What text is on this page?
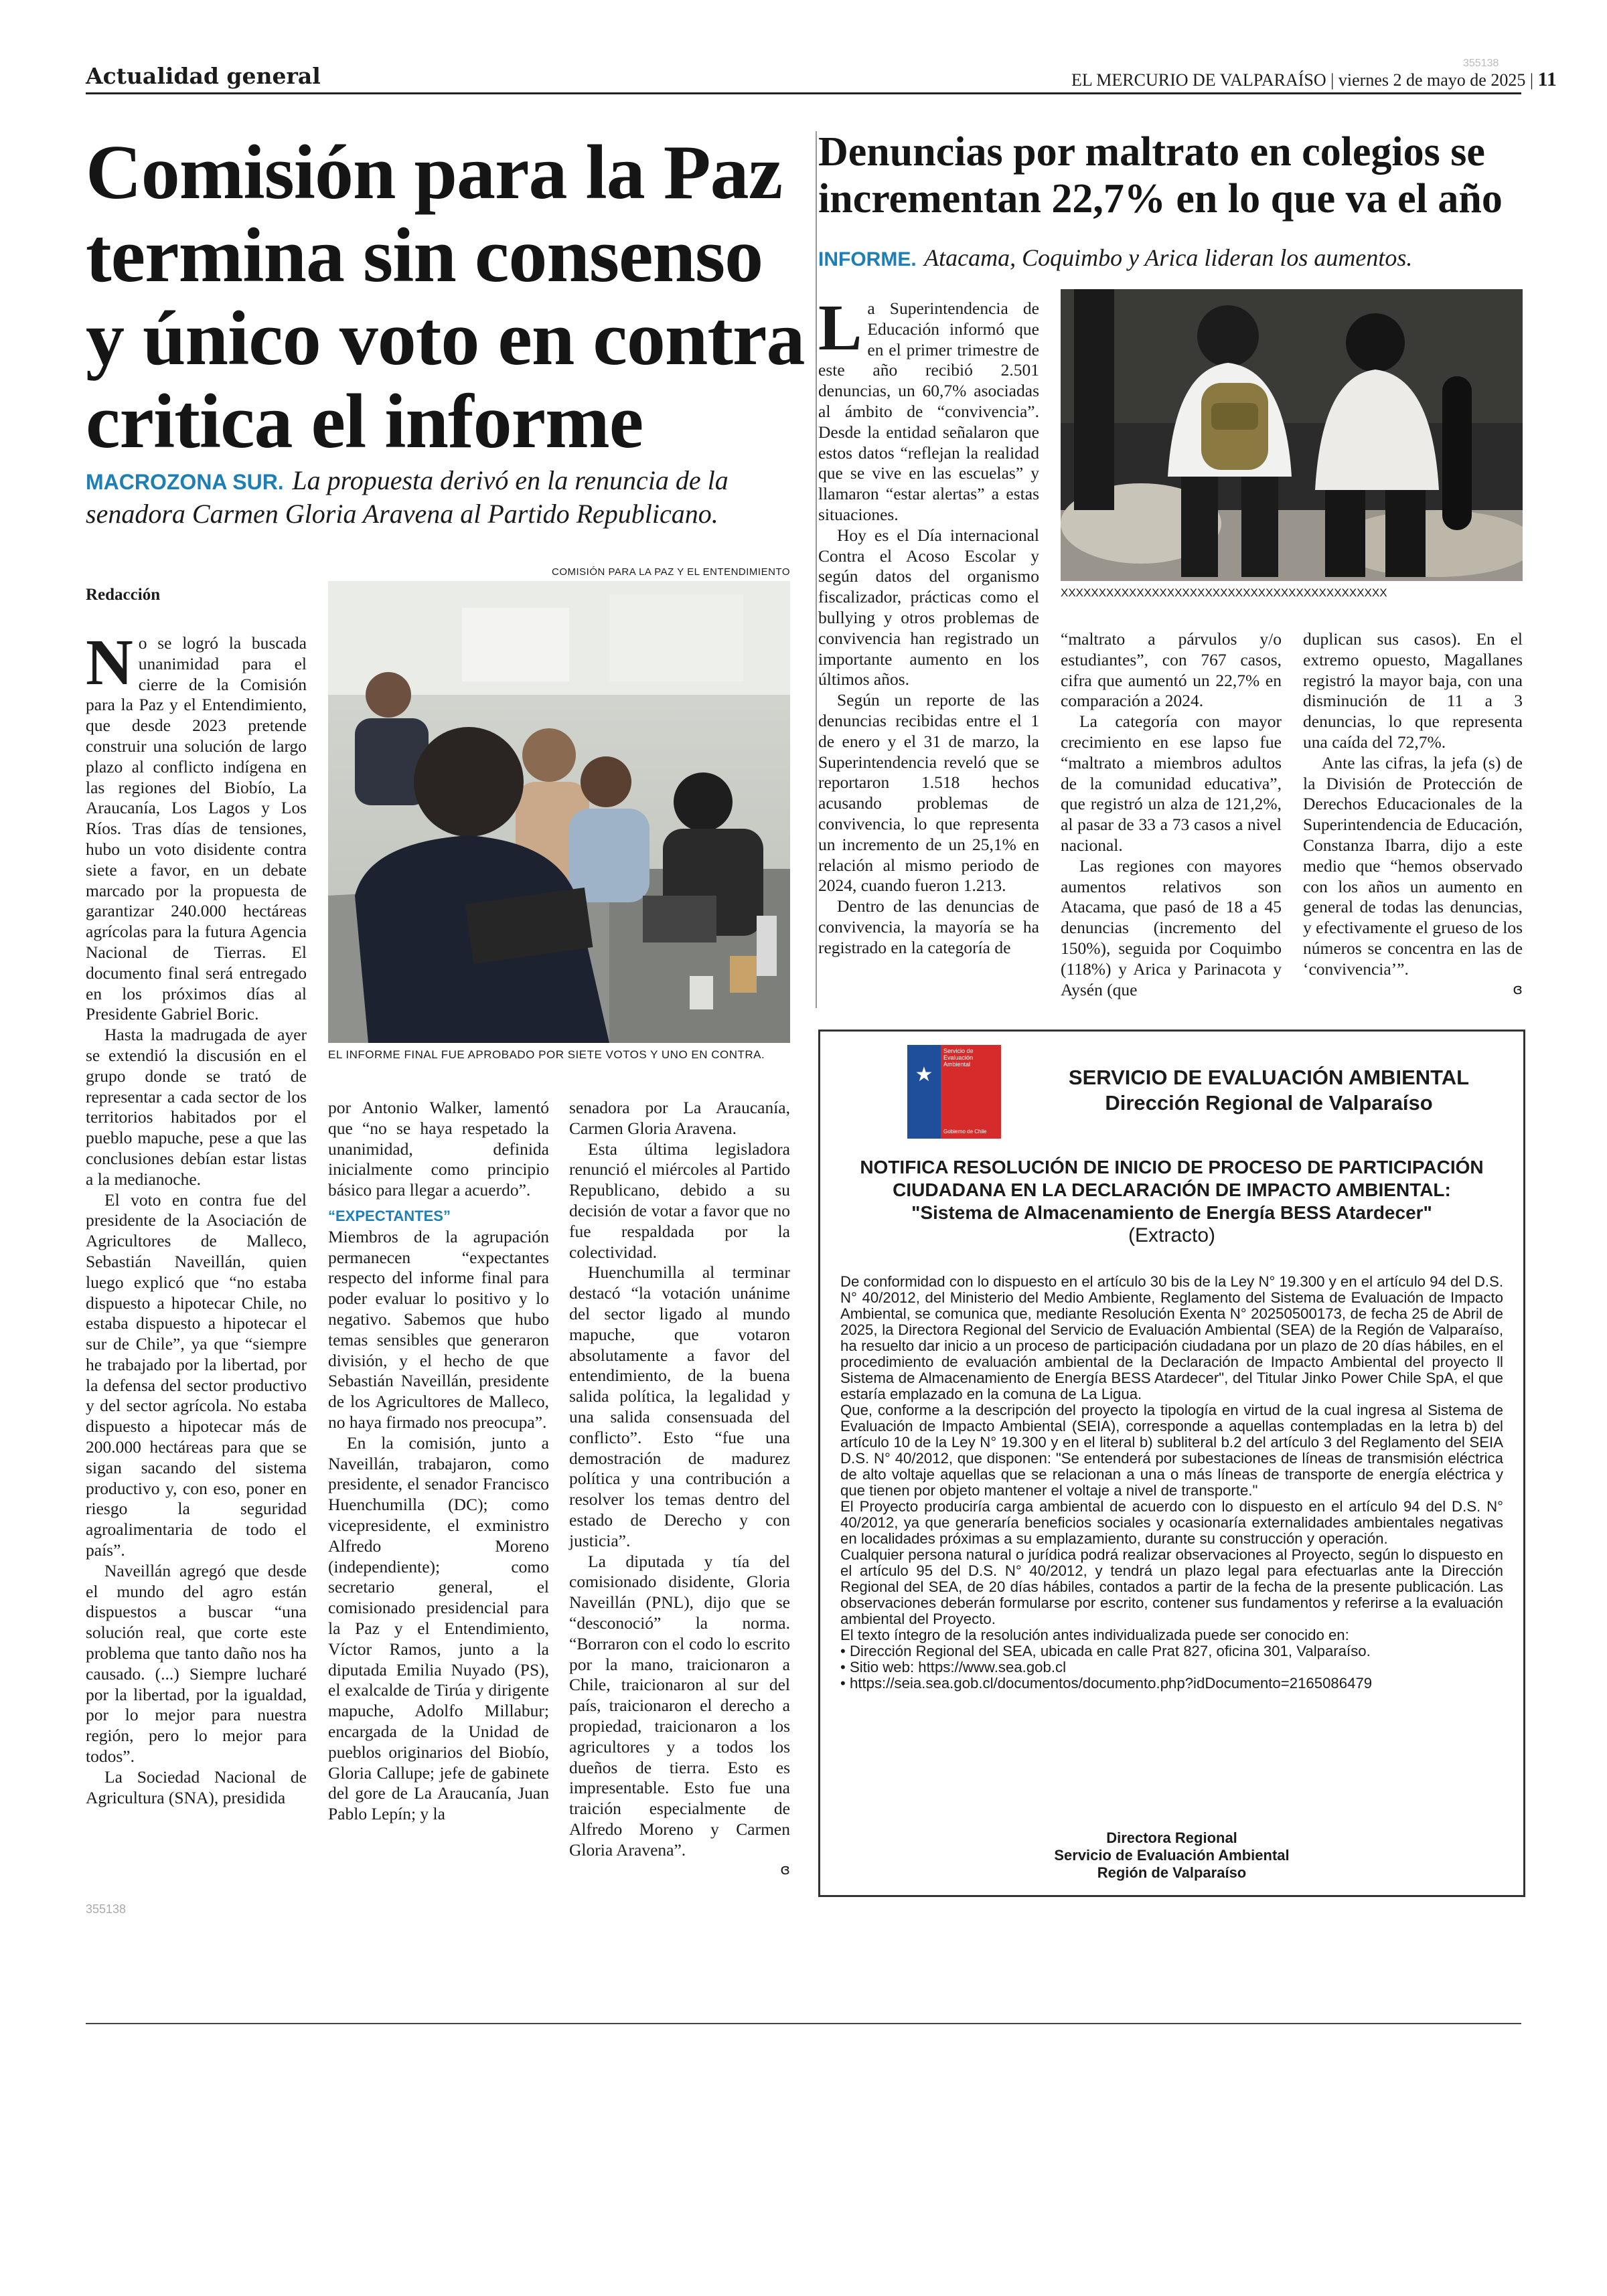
Actualidad general	EL MERCURIO DE VALPARAÍSO | viernes 2 de mayo de 2025 | 11
355138
Comisión para la Paz
termina sin consenso
y único voto en contra
critica el informe
MACROZONA SUR. La propuesta derivó en la renuncia de la
senadora Carmen Gloria Aravena al Partido Republicano.
Redacción
COMISIÓN PARA LA PAZ Y EL ENTENDIMIENTO
EL INFORME FINAL FUE APROBADO POR SIETE VOTOS Y UNO EN CONTRA.
N o se logró la buscada unanimidad para el cierre de la Comisión para la Paz y el Entendimiento, que desde 2023 pretende construir una solución de largo plazo al conflicto indígena en las regiones del Biobío, La Araucanía, Los Lagos y Los Ríos. Tras días de tensiones, hubo un voto disidente contra siete a favor, en un debate marcado por la propuesta de garantizar 240.000 hectáreas agrícolas para la futura Agencia Nacional de Tierras. El documento final será entregado en los próximos días al Presidente Gabriel Boric.

Hasta la madrugada de ayer se extendió la discusión en el grupo donde se trató de representar a cada sector de los territorios habitados por el pueblo mapuche, pese a que las conclusiones debían estar listas a la medianoche.

El voto en contra fue del presidente de la Asociación de Agricultores de Malleco, Sebastián Naveillán, quien luego explicó que “no estaba dispuesto a hipotecar Chile, no estaba dispuesto a hipotecar el sur de Chile”, ya que “siempre he trabajado por la libertad, por la defensa del sector productivo y del sector agrícola. No estaba dispuesto a hipotecar más de 200.000 hectáreas para que se sigan sacando del sistema productivo y, con eso, poner en riesgo la seguridad agroalimentaria de todo el país”.

Naveillán agregó que desde el mundo del agro están dispuestos a buscar “una solución real, que corte este problema que tanto daño nos ha causado. (...) Siempre lucharé por la libertad, por la igualdad, por lo mejor para nuestra región, pero lo mejor para todos”.

La Sociedad Nacional de Agricultura (SNA), presidida

355138

por Antonio Walker, lamentó que “no se haya respetado la unanimidad, definida inicialmente como principio básico para llegar a acuerdo”.

“EXPECTANTES”

Miembros de la agrupación permanecen “expectantes respecto del informe final para poder evaluar lo positivo y lo negativo. Sabemos que hubo temas sensibles que generaron división, y el hecho de que Sebastián Naveillán, presidente de los Agricultores de Malleco, no haya firmado nos preocupa”.

En la comisión, junto a Naveillán, trabajaron, como presidente, el senador Francisco Huenchumilla (DC); como vicepresidente, el exministro Alfredo Moreno (independiente); como secretario general, el comisionado presidencial para la Paz y el Entendimiento, Víctor Ramos, junto a la diputada Emilia Nuyado (PS), el exalcalde de Tirúa y dirigente mapuche, Adolfo Millabur; encargada de la Unidad de pueblos originarios del Biobío, Gloria Callupe; jefe de gabinete del gore de La Araucanía, Juan Pablo Lepín; y la

senadora por La Araucanía, Carmen Gloria Aravena.

Esta última legisladora renunció el miércoles al Partido Republicano, debido a su decisión de votar a favor que no fue respaldada por la colectividad.

Huenchumilla al terminar destacó “la votación unánime del sector ligado al mundo mapuche, que votaron absolutamente a favor del entendimiento, de la buena salida política, la legalidad y una salida consensuada del conflicto”. Esto “fue una demostración de madurez política y una contribución a resolver los temas dentro del estado de Derecho y con justicia”.

La diputada y tía del comisionado disidente, Gloria Naveillán (PNL), dijo que se “desconoció” la norma. “Borraron con el codo lo escrito por la mano, traicionaron a Chile, traicionaron al sur del país, traicionaron el derecho a propiedad, traicionaron a los agricultores y a todos los dueños de tierra. Esto es impresentable. Esto fue una traición especialmente de Alfredo Moreno y Carmen Gloria Aravena”.

ɞ
Denuncias por maltrato en colegios se
incrementan 22,7% en lo que va el año
INFORME. Atacama, Coquimbo y Arica lideran los aumentos.
XXXXXXXXXXXXXXXXXXXXXXXXXXXXXXXXXXXXXXXXXXX
L a Superintendencia de Educación informó que en el primer trimestre de este año recibió 2.501 denuncias, un 60,7% asociadas al ámbito de “convivencia”. Desde la entidad señalaron que estos datos “reflejan la realidad que se vive en las escuelas” y llamaron “estar alertas” a estas situaciones.

Hoy es el Día internacional Contra el Acoso Escolar y según datos del organismo fiscalizador, prácticas como el bullying y otros problemas de convivencia han registrado un importante aumento en los últimos años.

Según un reporte de las denuncias recibidas entre el 1 de enero y el 31 de marzo, la Superintendencia reveló que se reportaron 1.518 hechos acusando problemas de convivencia, lo que representa un incremento de un 25,1% en relación al mismo periodo de 2024, cuando fueron 1.213.

Dentro de las denuncias de convivencia, la mayoría se ha registrado en la categoría de

“maltrato a párvulos y/o estudiantes”, con 767 casos, cifra que aumentó un 22,7% en comparación a 2024.

La categoría con mayor crecimiento en ese lapso fue “maltrato a miembros adultos de la comunidad educativa”, que registró un alza de 121,2%, al pasar de 33 a 73 casos a nivel nacional.

Las regiones con mayores aumentos relativos son Atacama, que pasó de 18 a 45 denuncias (incremento del 150%), seguida por Coquimbo (118%) y Arica y Parinacota y Aysén (que

duplican sus casos). En el extremo opuesto, Magallanes registró la mayor baja, con una disminución de 11 a 3 denuncias, lo que representa una caída del 72,7%.

Ante las cifras, la jefa (s) de la División de Protección de Derechos Educacionales de la Superintendencia de Educación, Constanza Ibarra, dijo a este medio que “hemos observado con los años un aumento en general de todas las denuncias, y efectivamente el grueso de los números se concentra en las de ‘convivencia’”.

ɞ
★
Servicio de
Evaluación
Ambiental
Gobierno de Chile
SERVICIO DE EVALUACIÓN AMBIENTAL
Dirección Regional de Valparaíso
NOTIFICA RESOLUCIÓN DE INICIO DE PROCESO DE PARTICIPACIÓN
CIUDADANA EN LA DECLARACIÓN DE IMPACTO AMBIENTAL:
"Sistema de Almacenamiento de Energía BESS Atardecer"
(Extracto)

De conformidad con lo dispuesto en el artículo 30 bis de la Ley N° 19.300 y en el artículo 94 del D.S. N° 40/2012, del Ministerio del Medio Ambiente, Reglamento del Sistema de Evaluación de Impacto Ambiental, se comunica que, mediante Resolución Exenta N° 20250500173, de fecha 25 de Abril de 2025, la Directora Regional del Servicio de Evaluación Ambiental (SEA) de la Región de Valparaíso, ha resuelto dar inicio a un proceso de participación ciudadana por un plazo de 20 días hábiles, en el procedimiento de evaluación ambiental de la Declaración de Impacto Ambiental del proyecto ll Sistema de Almacenamiento de Energía BESS Atardecer", del Titular Jinko Power Chile SpA, el que estaría emplazado en la comuna de La Ligua.

Que, conforme a la descripción del proyecto la tipología en virtud de la cual ingresa al Sistema de Evaluación de Impacto Ambiental (SEIA), corresponde a aquellas contempladas en la letra b) del artículo 10 de la Ley N° 19.300 y en el literal b) subliteral b.2 del artículo 3 del Reglamento del SEIA D.S. N° 40/2012, que disponen: "Se entenderá por subestaciones de líneas de transmisión eléctrica de alto voltaje aquellas que se relacionan a una o más líneas de transporte de energía eléctrica y que tienen por objeto mantener el voltaje a nivel de transporte."

El Proyecto produciría carga ambiental de acuerdo con lo dispuesto en el artículo 94 del D.S. N° 40/2012, ya que generaría beneficios sociales y ocasionaría externalidades ambientales negativas en localidades próximas a su emplazamiento, durante su construcción y operación.

Cualquier persona natural o jurídica podrá realizar observaciones al Proyecto, según lo dispuesto en el artículo 95 del D.S. N° 40/2012, y tendrá un plazo legal para efectuarlas ante la Dirección Regional del SEA, de 20 días hábiles, contados a partir de la fecha de la presente publicación. Las observaciones deberán formularse por escrito, contener sus fundamentos y referirse a la evaluación ambiental del Proyecto.

El texto íntegro de la resolución antes individualizada puede ser conocido en:

• Dirección Regional del SEA, ubicada en calle Prat 827, oficina 301, Valparaíso.
• Sitio web: https://www.sea.gob.cl
• https://seia.sea.gob.cl/documentos/documento.php?idDocumento=2165086479
Directora Regional
Servicio de Evaluación Ambiental
Región de Valparaíso
